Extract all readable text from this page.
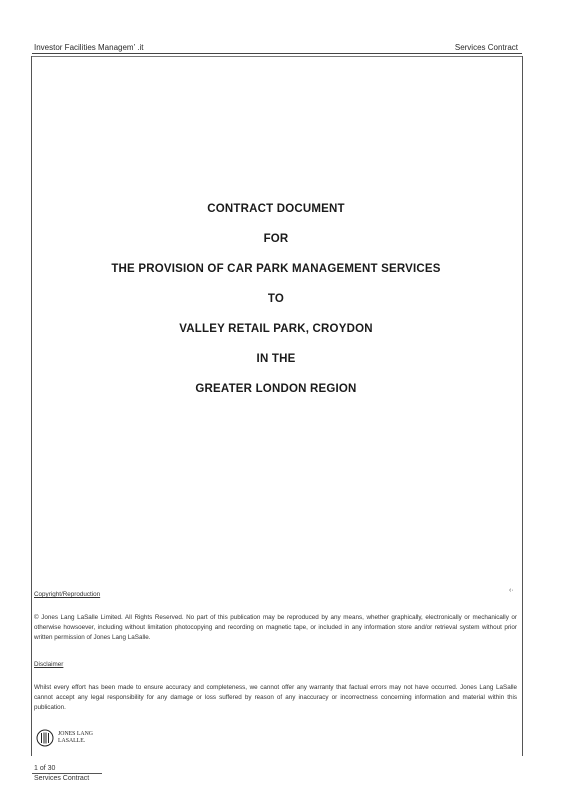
Investor Facilities Managem’ .it	Services Contract
CONTRACT DOCUMENT
FOR
THE PROVISION OF CAR PARK MANAGEMENT SERVICES
TO
VALLEY RETAIL PARK, CROYDON
IN THE
GREATER LONDON REGION
‹·
Copyright/Reproduction

© Jones Lang LaSalle Limited. All Rights Reserved. No part of this publication may be reproduced by any means, whether graphically, electronically or mechanically or otherwise howsoever, including without limitation photocopying and recording on magnetic tape, or included in any information store and/or retrieval system without prior written permission of Jones Lang LaSalle.

Disclaimer

Whilst every effort has been made to ensure accuracy and completeness, we cannot offer any warranty that factual errors may not have occurred. Jones Lang LaSalle cannot accept any legal responsibility for any damage or loss suffered by reason of any inaccuracy or incorrectness concerning information and material within this publication.

JONES LANG
LASALLE.
1 of 30
Services Contract
